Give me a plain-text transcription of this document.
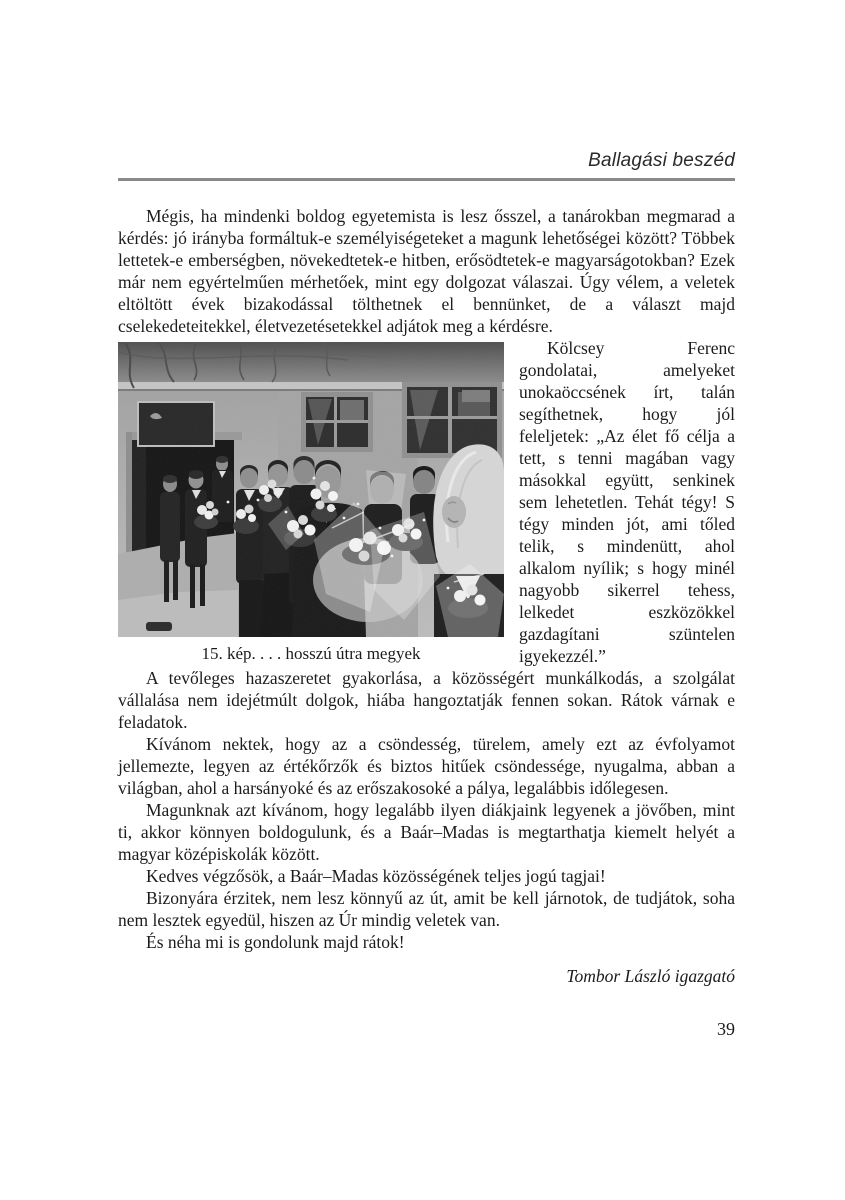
Ballagási beszéd

Mégis, ha mindenki boldog egyetemista is lesz ősszel, a tanárokban megmarad a kérdés: jó irányba formáltuk-e személyiségeteket a magunk lehetőségei között? Többek lettetek-e emberségben, növekedtetek-e hitben, erősödtetek-e magyarságotokban? Ezek már nem egyértelműen mérhetőek, mint egy dolgozat válaszai. Úgy vélem, a veletek eltöltött évek bizakodással tölthetnek el bennünket, de a választ majd cselekedeteitekkel, életvezetésetekkel adjátok meg a kérdésre.

15. kép. . . . hosszú útra megyek

Kölcsey Ferenc gondolatai, amelyeket unokaöccsének írt, talán segíthetnek, hogy jól feleljetek: „Az élet fő célja a tett, s tenni magában vagy másokkal együtt, senkinek sem lehetetlen. Tehát tégy! S tégy minden jót, ami tőled telik, s mindenütt, ahol alkalom nyílik; s hogy minél nagyobb sikerrel tehess, lelkedet eszközökkel gazdagítani szüntelen igyekezzél.”

A tevőleges hazaszeretet gyakorlása, a közösségért munkálkodás, a szolgálat vállalása nem idejétmúlt dolgok, hiába hangoztatják fennen sokan. Rátok várnak e feladatok.

Kívánom nektek, hogy az a csöndesség, türelem, amely ezt az évfolyamot jellemezte, legyen az értékőrzők és biztos hitűek csöndessége, nyugalma, abban a világban, ahol a harsányoké és az erőszakosoké a pálya, legalábbis időlegesen.

Magunknak azt kívánom, hogy legalább ilyen diákjaink legyenek a jövőben, mint ti, akkor könnyen boldogulunk, és a Baár–Madas is megtarthatja kiemelt helyét a magyar középiskolák között.

Kedves végzősök, a Baár–Madas közösségének teljes jogú tagjai!

Bizonyára érzitek, nem lesz könnyű az út, amit be kell járnotok, de tudjátok, soha nem lesztek egyedül, hiszen az Úr mindig veletek van.

És néha mi is gondolunk majd rátok!

Tombor László igazgató

39
